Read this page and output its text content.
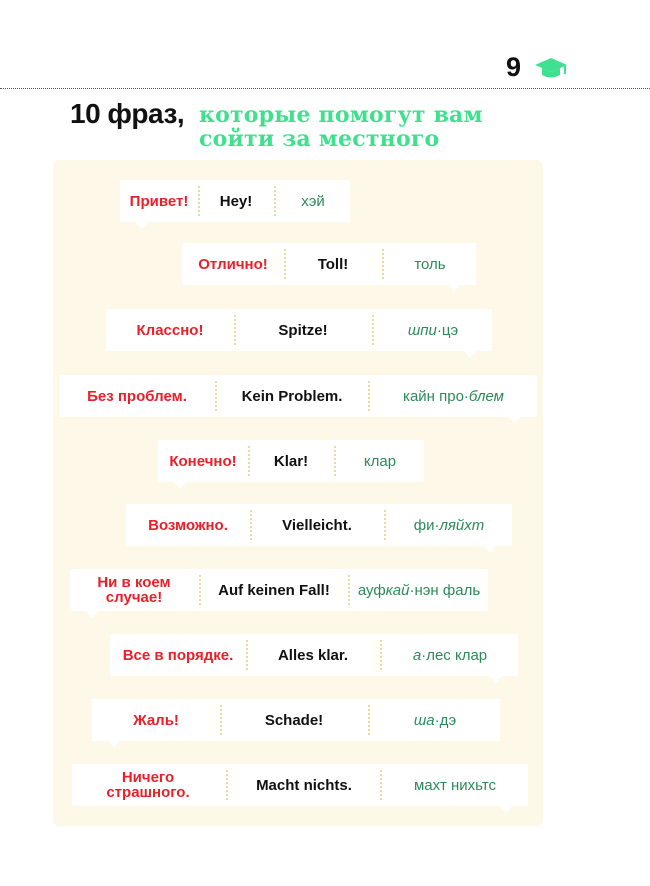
9
10 фраз, которые помогут вам
сойти за местного
Привет!	Hey!	хэй
Отлично!	Toll!	толь
Классно!	Spitze!	шпи ·цэ
Без проблем.	Kein Problem.	кайн про· блем
Конечно!	Klar!	клар
Возможно.	Vielleicht.	фи· ляйхт
Ни в коем случае!	Auf keinen Fall!	ауф кай ·нэн фаль
Все в порядке.	Alles klar.	а ·лес клар
Жаль!	Schade!	ша ·дэ
Ничего страшного.	Macht nichts.	махт нихьтс
